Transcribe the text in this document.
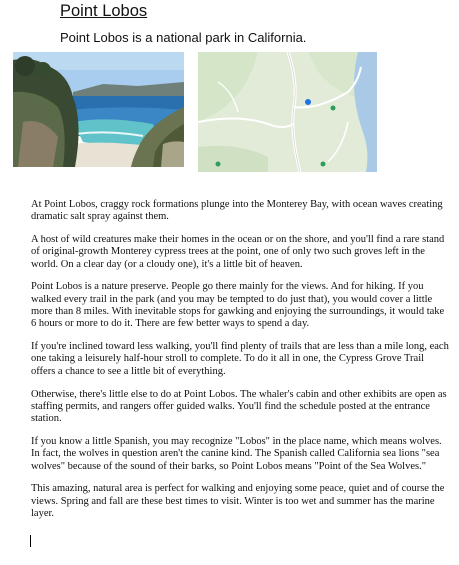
Point Lobos
Point Lobos is a national park in California.

At Point Lobos, craggy rock formations plunge into the Monterey Bay, with ocean waves creating dramatic salt spray against them.

A host of wild creatures make their homes in the ocean or on the shore, and you'll find a rare stand of original-growth Monterey cypress trees at the point, one of only two such groves left in the world. On a clear day (or a cloudy one), it's a little bit of heaven.

Point Lobos is a nature preserve. People go there mainly for the views. And for hiking. If you walked every trail in the park (and you may be tempted to do just that), you would cover a little more than 8 miles. With inevitable stops for gawking and enjoying the surroundings, it would take 6 hours or more to do it. There are few better ways to spend a day.

If you're inclined toward less walking, you'll find plenty of trails that are less than a mile long, each one taking a leisurely half-hour stroll to complete. To do it all in one, the Cypress Grove Trail offers a chance to see a little bit of everything.

Otherwise, there's little else to do at Point Lobos. The whaler's cabin and other exhibits are open as staffing permits, and rangers offer guided walks. You'll find the schedule posted at the entrance station.

If you know a little Spanish, you may recognize "Lobos" in the place name, which means wolves. In fact, the wolves in question aren't the canine kind. The Spanish called California sea lions "sea wolves" because of the sound of their barks, so Point Lobos means "Point of the Sea Wolves."

This amazing, natural area is perfect for walking and enjoying some peace, quiet and of course the views. Spring and fall are these best times to visit. Winter is too wet and summer has the marine layer.
